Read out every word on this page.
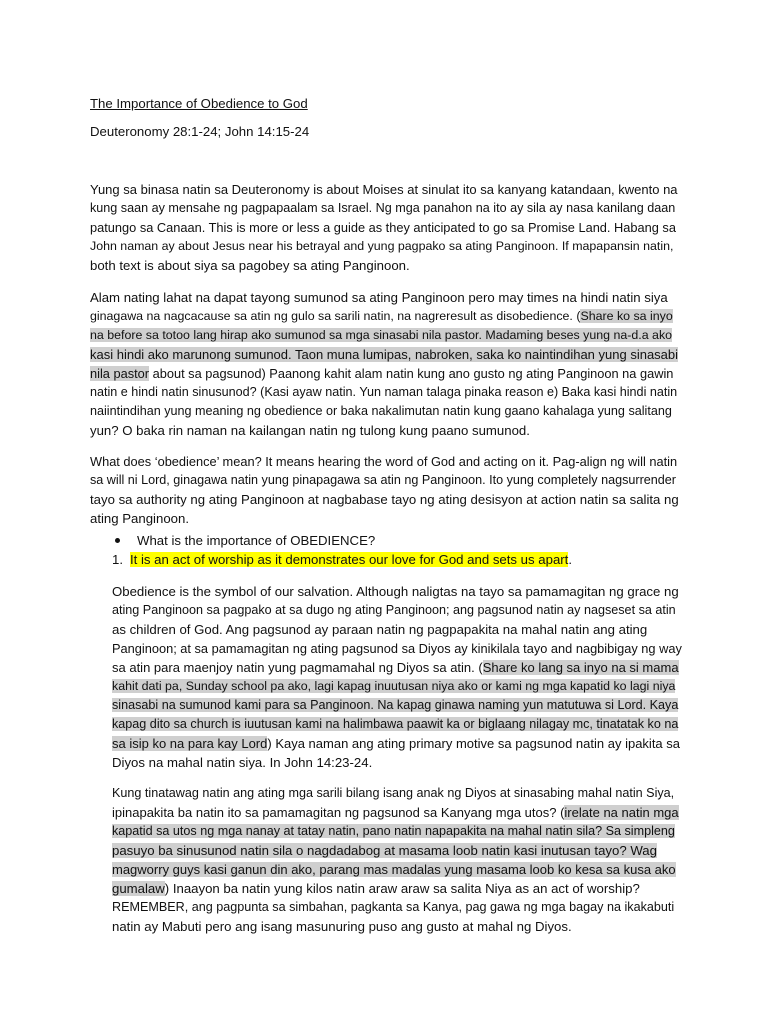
The Importance of Obedience to God
Deuteronomy 28:1-24; John 14:15-24
Yung sa binasa natin sa Deuteronomy is about Moises at sinulat ito sa kanyang katandaan, kwento na
kung saan ay mensahe ng pagpapaalam sa Israel. Ng mga panahon na ito ay sila ay nasa kanilang daan
patungo sa Canaan. This is more or less a guide as they anticipated to go sa Promise Land. Habang sa
John naman ay about Jesus near his betrayal and yung pagpako sa ating Panginoon. If mapapansin natin,
both text is about siya sa pagobey sa ating Panginoon.
Alam nating lahat na dapat tayong sumunod sa ating Panginoon pero may times na hindi natin siya
ginagawa na nagcacause sa atin ng gulo sa sarili natin, na nagreresult as disobedience. (Share ko sa inyo
na before sa totoo lang hirap ako sumunod sa mga sinasabi nila pastor. Madaming beses yung na-d.a ako
kasi hindi ako marunong sumunod. Taon muna lumipas, nabroken, saka ko naintindihan yung sinasabi
nila pastor about sa pagsunod) Paanong kahit alam natin kung ano gusto ng ating Panginoon na gawin
natin e hindi natin sinusunod? (Kasi ayaw natin. Yun naman talaga pinaka reason e) Baka kasi hindi natin
naiintindihan yung meaning ng obedience or baka nakalimutan natin kung gaano kahalaga yung salitang
yun? O baka rin naman na kailangan natin ng tulong kung paano sumunod.
What does ‘obedience’ mean? It means hearing the word of God and acting on it. Pag-align ng will natin
sa will ni Lord, ginagawa natin yung pinapagawa sa atin ng Panginoon. Ito yung completely nagsurrender
tayo sa authority ng ating Panginoon at nagbabase tayo ng ating desisyon at action natin sa salita ng
ating Panginoon.
What is the importance of OBEDIENCE?
1. It is an act of worship as it demonstrates our love for God and sets us apart.
Obedience is the symbol of our salvation. Although naligtas na tayo sa pamamagitan ng grace ng
ating Panginoon sa pagpako at sa dugo ng ating Panginoon; ang pagsunod natin ay nagseset sa atin
as children of God. Ang pagsunod ay paraan natin ng pagpapakita na mahal natin ang ating
Panginoon; at sa pamamagitan ng ating pagsunod sa Diyos ay kinikilala tayo and nagbibigay ng way
sa atin para maenjoy natin yung pagmamahal ng Diyos sa atin. (Share ko lang sa inyo na si mama
kahit dati pa, Sunday school pa ako, lagi kapag inuutusan niya ako or kami ng mga kapatid ko lagi niya
sinasabi na sumunod kami para sa Panginoon. Na kapag ginawa naming yun matutuwa si Lord. Kaya
kapag dito sa church is iuutusan kami na halimbawa paawit ka or biglaang nilagay mc, tinatatak ko na
sa isip ko na para kay Lord) Kaya naman ang ating primary motive sa pagsunod natin ay ipakita sa
Diyos na mahal natin siya. In John 14:23-24.
Kung tinatawag natin ang ating mga sarili bilang isang anak ng Diyos at sinasabing mahal natin Siya,
ipinapakita ba natin ito sa pamamagitan ng pagsunod sa Kanyang mga utos? (irelate na natin mga
kapatid sa utos ng mga nanay at tatay natin, pano natin napapakita na mahal natin sila? Sa simpleng
pasuyo ba sinusunod natin sila o nagdadabog at masama loob natin kasi inutusan tayo? Wag
magworry guys kasi ganun din ako, parang mas madalas yung masama loob ko kesa sa kusa ako
gumalaw) Inaayon ba natin yung kilos natin araw araw sa salita Niya as an act of worship?
REMEMBER, ang pagpunta sa simbahan, pagkanta sa Kanya, pag gawa ng mga bagay na ikakabuti
natin ay Mabuti pero ang isang masunuring puso ang gusto at mahal ng Diyos.
